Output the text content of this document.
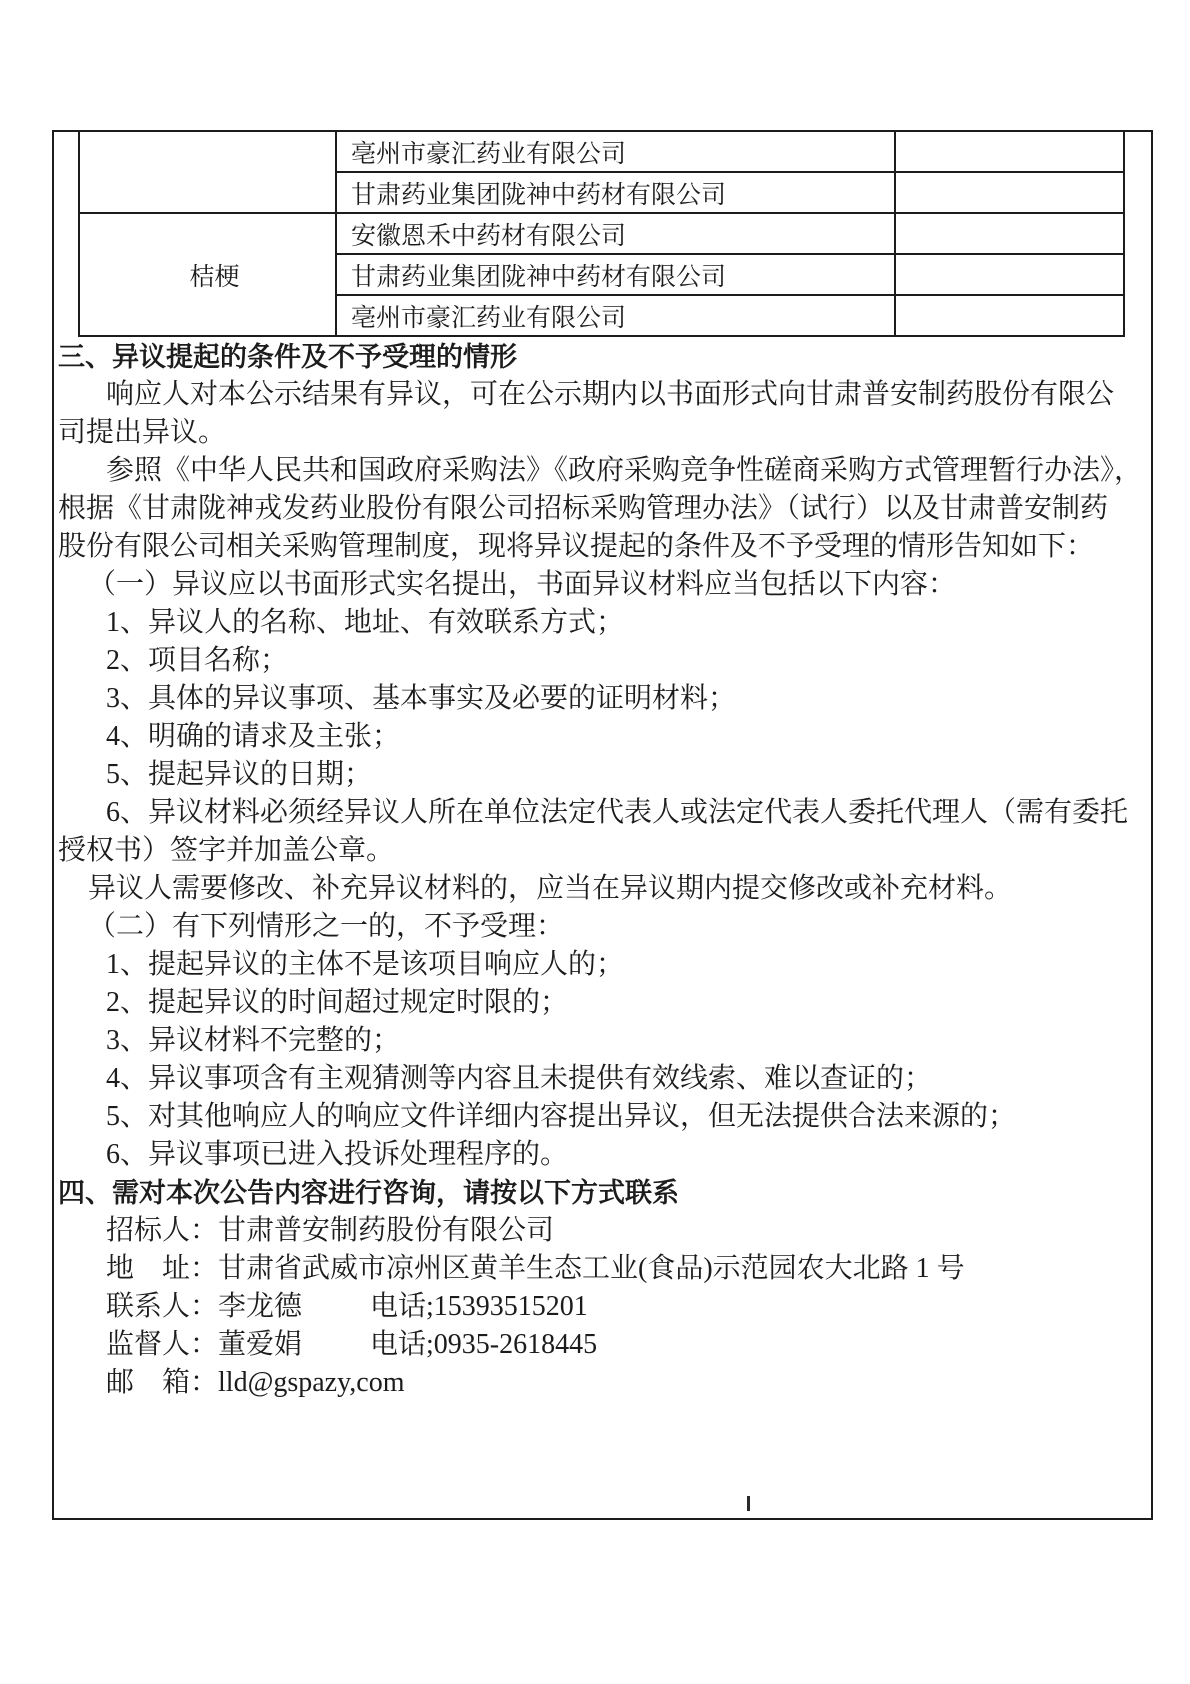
	亳州市豪汇药业有限公司	
	甘肃药业集团陇神中药材有限公司	
桔梗	安徽恩禾中药材有限公司	
	甘肃药业集团陇神中药材有限公司	
	亳州市豪汇药业有限公司	
三、异议提起的条件及不予受理的情形
响应人对本公示结果有异议，可在公示期内以书面形式向甘肃普安制药股份有限公
司提出异议。
参照《中华人民共和国政府采购法》《政府采购竞争性磋商采购方式管理暂行办法》，
根据《甘肃陇神戎发药业股份有限公司招标采购管理办法》（试行）以及甘肃普安制药
股份有限公司相关采购管理制度，现将异议提起的条件及不予受理的情形告知如下：
（一）异议应以书面形式实名提出，书面异议材料应当包括以下内容：
1、异议人的名称、地址、有效联系方式；
2、项目名称；
3、具体的异议事项、基本事实及必要的证明材料；
4、明确的请求及主张；
5、提起异议的日期；
6、异议材料必须经异议人所在单位法定代表人或法定代表人委托代理人（需有委托
授权书）签字并加盖公章。
异议人需要修改、补充异议材料的，应当在异议期内提交修改或补充材料。
（二）有下列情形之一的，不予受理：
1、提起异议的主体不是该项目响应人的；
2、提起异议的时间超过规定时限的；
3、异议材料不完整的；
4、异议事项含有主观猜测等内容且未提供有效线索、难以查证的；
5、对其他响应人的响应文件详细内容提出异议，但无法提供合法来源的；
6、异议事项已进入投诉处理程序的。
四、需对本次公告内容进行咨询，请按以下方式联系
招标人：甘肃普安制药股份有限公司
地　址：甘肃省武威市凉州区黄羊生态工业(食品)示范园农大北路 1 号
联系人：李龙德 电话;15393515201
监督人：董爱娟 电话;0935-2618445
邮　箱：lld@gspazy,com
